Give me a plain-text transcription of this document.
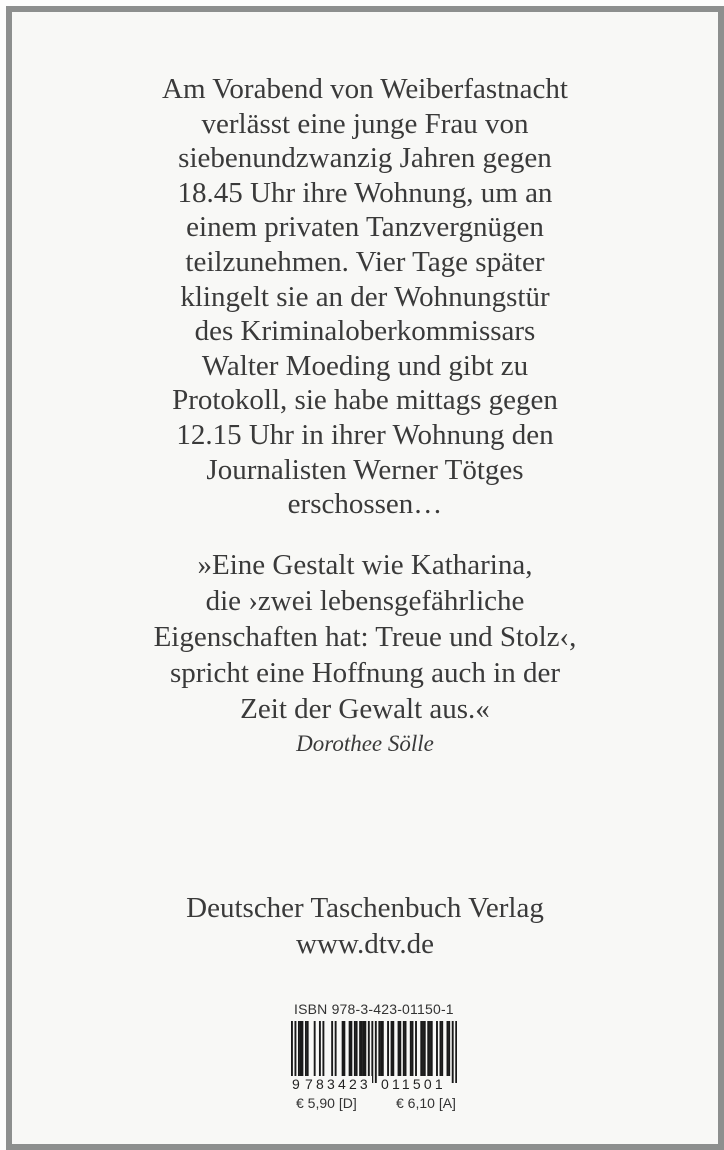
Am Vorabend von Weiberfastnacht
verlässt eine junge Frau von
siebenundzwanzig Jahren gegen
18.45 Uhr ihre Wohnung, um an
einem privaten Tanzvergnügen
teilzunehmen. Vier Tage später
klingelt sie an der Wohnungstür
des Kriminaloberkommissars
Walter Moeding und gibt zu
Protokoll, sie habe mittags gegen
12.15 Uhr in ihrer Wohnung den
Journalisten Werner Tötges
erschossen…
»Eine Gestalt wie Katharina,
die ›zwei lebensgefährliche
Eigenschaften hat: Treue und Stolz‹,
spricht eine Hoffnung auch in der
Zeit der Gewalt aus.«
Dorothee Sölle
Deutscher Taschenbuch Verlag
www.dtv.de
ISBN 978-3-423-01150-1
9 783423 011501
€ 5,90 [D]	€ 6,10 [A]
